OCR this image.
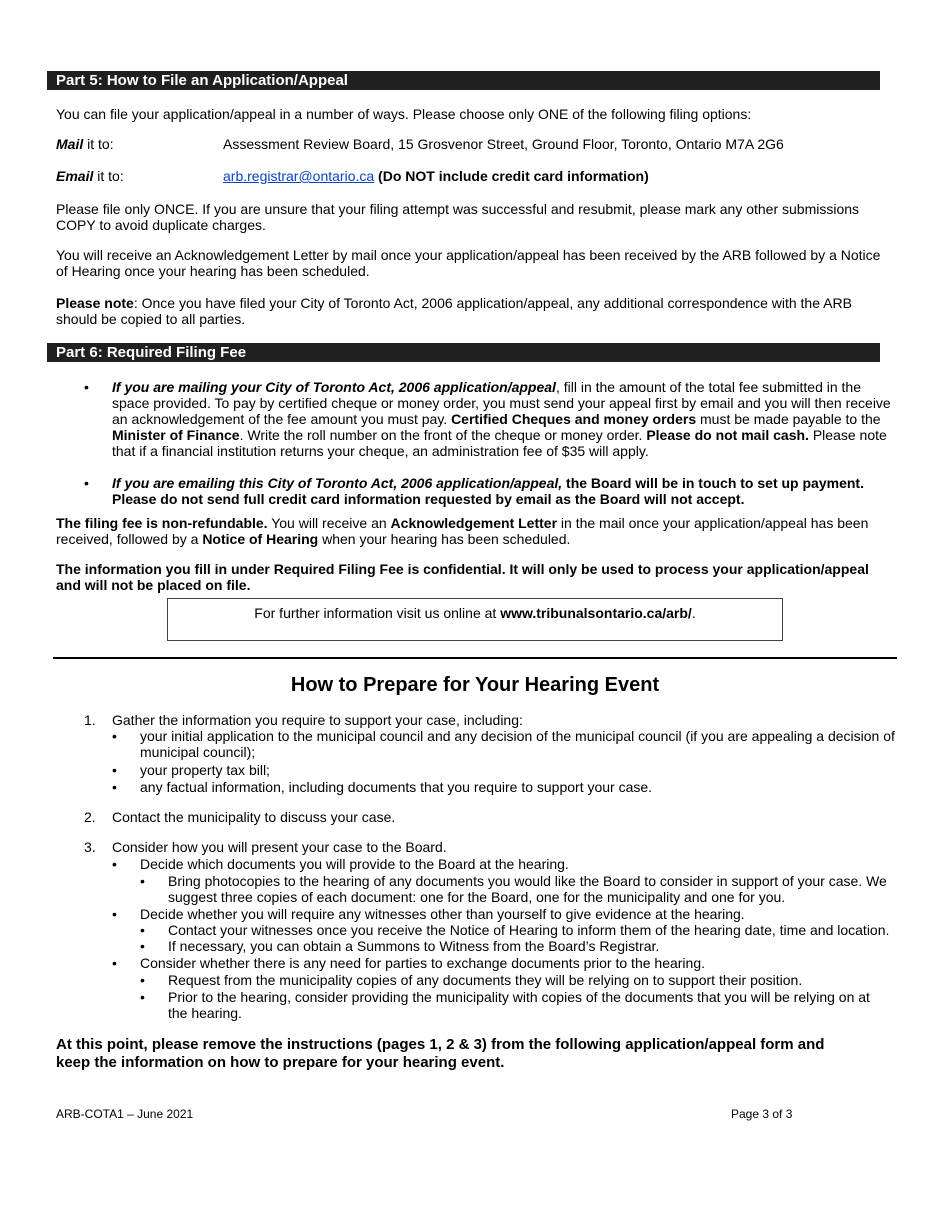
Part 5: How to File an Application/Appeal
You can file your application/appeal in a number of ways. Please choose only ONE of the following filing options:
Mail it to:	Assessment Review Board, 15 Grosvenor Street, Ground Floor, Toronto, Ontario M7A 2G6
Email it to:	arb.registrar@ontario.ca (Do NOT include credit card information)
Please file only ONCE. If you are unsure that your filing attempt was successful and resubmit, please mark any other submissions COPY to avoid duplicate charges.
You will receive an Acknowledgement Letter by mail once your application/appeal has been received by the ARB followed by a Notice of Hearing once your hearing has been scheduled.
Please note: Once you have filed your City of Toronto Act, 2006 application/appeal, any additional correspondence with the ARB should be copied to all parties.
Part 6: Required Filing Fee
• If you are mailing your City of Toronto Act, 2006 application/appeal, fill in the amount of the total fee submitted in the space provided. To pay by certified cheque or money order, you must send your appeal first by email and you will then receive an acknowledgement of the fee amount you must pay. Certified Cheques and money orders must be made payable to the Minister of Finance. Write the roll number on the front of the cheque or money order. Please do not mail cash. Please note that if a financial institution returns your cheque, an administration fee of $35 will apply.
• If you are emailing this City of Toronto Act, 2006 application/appeal, the Board will be in touch to set up payment. Please do not send full credit card information requested by email as the Board will not accept.
The filing fee is non-refundable. You will receive an Acknowledgement Letter in the mail once your application/appeal has been received, followed by a Notice of Hearing when your hearing has been scheduled.
The information you fill in under Required Filing Fee is confidential. It will only be used to process your application/appeal and will not be placed on file.
For further information visit us online at www.tribunalsontario.ca/arb/.
How to Prepare for Your Hearing Event
1. Gather the information you require to support your case, including:
• your initial application to the municipal council and any decision of the municipal council (if you are appealing a decision of municipal council);
• your property tax bill;
• any factual information, including documents that you require to support your case.
2. Contact the municipality to discuss your case.
3. Consider how you will present your case to the Board.
• Decide which documents you will provide to the Board at the hearing.
• Bring photocopies to the hearing of any documents you would like the Board to consider in support of your case. We suggest three copies of each document: one for the Board, one for the municipality and one for you.
• Decide whether you will require any witnesses other than yourself to give evidence at the hearing.
• Contact your witnesses once you receive the Notice of Hearing to inform them of the hearing date, time and location.
• If necessary, you can obtain a Summons to Witness from the Board’s Registrar.
• Consider whether there is any need for parties to exchange documents prior to the hearing.
• Request from the municipality copies of any documents they will be relying on to support their position.
• Prior to the hearing, consider providing the municipality with copies of the documents that you will be relying on at the hearing.
At this point, please remove the instructions (pages 1, 2 & 3) from the following application/appeal form and keep the information on how to prepare for your hearing event.
ARB-COTA1 – June 2021	Page 3 of 3
